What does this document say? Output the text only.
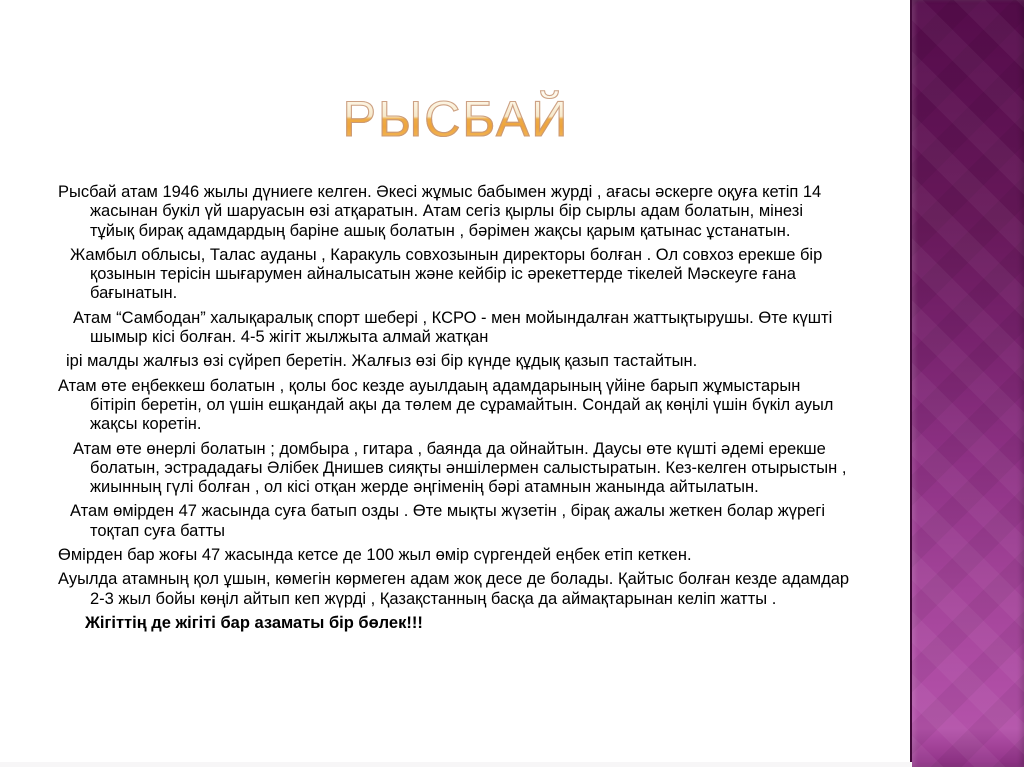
РЫСБАЙ

Рысбай атам 1946 жылы дүниеге келген. Әкесі жұмыс бабымен журді , ағасы әскерге оқуға кетіп 14 жасынан букіл үй шаруасын өзі атқаратын. Атам сегіз қырлы бір сырлы адам болатын, мінезі тұйық бирақ адамдардың баріне ашық болатын , бәрімен жақсы қарым қатынас ұстанатын.

Жамбыл облысы, Талас ауданы , Каракуль совхозынын директоры болған . Ол совхоз ерекше бір қозынын терісін шығарумен айналысатын және кейбір іс әрекеттерде тікелей Мәскеуге ғана бағынатын.

Атам “Самбодан” халықаралық спорт шебері , КСРО - мен мойындалған жаттықтырушы. Өте күшті шымыр кісі болған. 4-5 жігіт жылжыта алмай жатқан

ірі малды жалғыз өзі сүйреп беретін. Жалғыз өзі бір күнде құдық қазып тастайтын.

Атам өте еңбеккеш болатын , қолы бос кезде ауылдаың адамдарының үйіне барып жұмыстарын бітіріп беретін, ол үшін ешқандай ақы да төлем де сұрамайтын. Сондай ақ көңілі үшін бүкіл ауыл жақсы коретін.

Атам өте өнерлі болатын ; домбыра , гитара , баянда да ойнайтын. Даусы өте күшті әдемі ерекше болатын, эстрададағы Әлібек Днишев сияқты әншілермен салыстыратын. Кез-келген отырыстын , жиынның гүлі болған , ол кісі отқан жерде әңгіменің бәрі атамнын жанында айтылатын.

Атам өмірден 47 жасында суға батып озды . Өте мықты жүзетін , бірақ ажалы жеткен болар жүрегі тоқтап суға батты

Өмірден бар жоғы 47 жасында кетсе де 100 жыл өмір сүргендей еңбек етіп кеткен.

Ауылда атамның қол ұшын, көмегін көрмеген адам жоқ десе де болады. Қайтыс болған кезде адамдар 2-3 жыл бойы көңіл айтып кеп жүрді , Қазақстанның басқа да аймақтарынан келіп жатты .

Жігіттің де жігіті бар азаматы бір бөлек!!!
